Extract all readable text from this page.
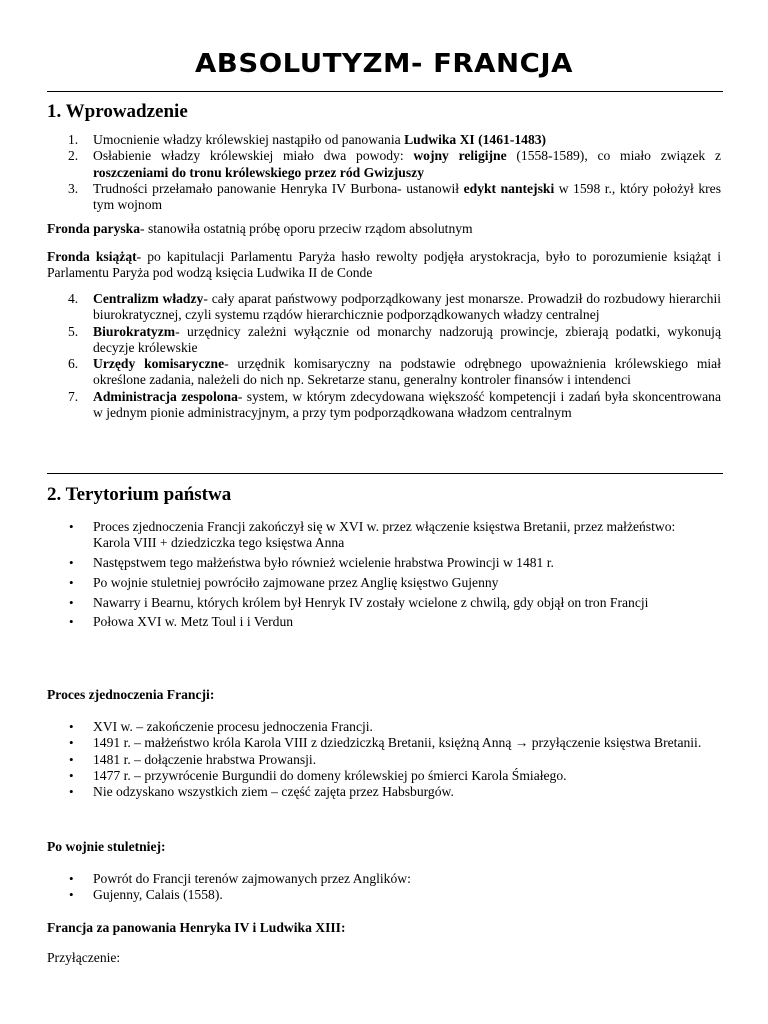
ABSOLUTYZM- FRANCJA
1. Wprowadzenie
1. Umocnienie władzy królewskiej nastąpiło od panowania Ludwika XI (1461-1483)
2. Osłabienie władzy królewskiej miało dwa powody: wojny religijne (1558-1589), co miało związek z roszczeniami do tronu królewskiego przez ród Gwizjuszy
3. Trudności przełamało panowanie Henryka IV Burbona- ustanowił edykt nantejski w 1598 r., który położył kres tym wojnom
Fronda paryska- stanowiła ostatnią próbę oporu przeciw rządom absolutnym
Fronda książąt- po kapitulacji Parlamentu Paryża hasło rewolty podjęła arystokracja, było to porozumienie książąt i Parlamentu Paryża pod wodzą księcia Ludwika II de Conde
4. Centralizm władzy- cały aparat państwowy podporządkowany jest monarsze. Prowadził do rozbudowy hierarchii biurokratycznej, czyli systemu rządów hierarchicznie podporządkowanych władzy centralnej
5. Biurokratyzm- urzędnicy zależni wyłącznie od monarchy nadzorują prowincje, zbierają podatki, wykonują decyzje królewskie
6. Urzędy komisaryczne- urzędnik komisaryczny na podstawie odrębnego upoważnienia królewskiego miał określone zadania, należeli do nich np. Sekretarze stanu, generalny kontroler finansów i intendenci
7. Administracja zespolona- system, w którym zdecydowana większość kompetencji i zadań była skoncentrowana w jednym pionie administracyjnym, a przy tym podporządkowana władzom centralnym
2. Terytorium państwa
• Proces zjednoczenia Francji zakończył się w XVI w. przez włączenie księstwa Bretanii, przez małżeństwo:
Karola VIII + dziedziczka tego księstwa Anna
• Następstwem tego małżeństwa było również wcielenie hrabstwa Prowincji w 1481 r.
• Po wojnie stuletniej powróciło zajmowane przez Anglię księstwo Gujenny
• Nawarry i Bearnu, których królem był Henryk IV zostały wcielone z chwilą, gdy objął on tron Francji
• Połowa XVI w. Metz Toul i i Verdun
Proces zjednoczenia Francji:
• XVI w. – zakończenie procesu jednoczenia Francji.
• 1491 r. – małżeństwo króla Karola VIII z dziedziczką Bretanii, księżną Anną → przyłączenie księstwa Bretanii.
• 1481 r. – dołączenie hrabstwa Prowansji.
• 1477 r. – przywrócenie Burgundii do domeny królewskiej po śmierci Karola Śmiałego.
• Nie odzyskano wszystkich ziem – część zajęta przez Habsburgów.
Po wojnie stuletniej:
• Powrót do Francji terenów zajmowanych przez Anglików:
• Gujenny, Calais (1558).
Francja za panowania Henryka IV i Ludwika XIII:
Przyłączenie:
